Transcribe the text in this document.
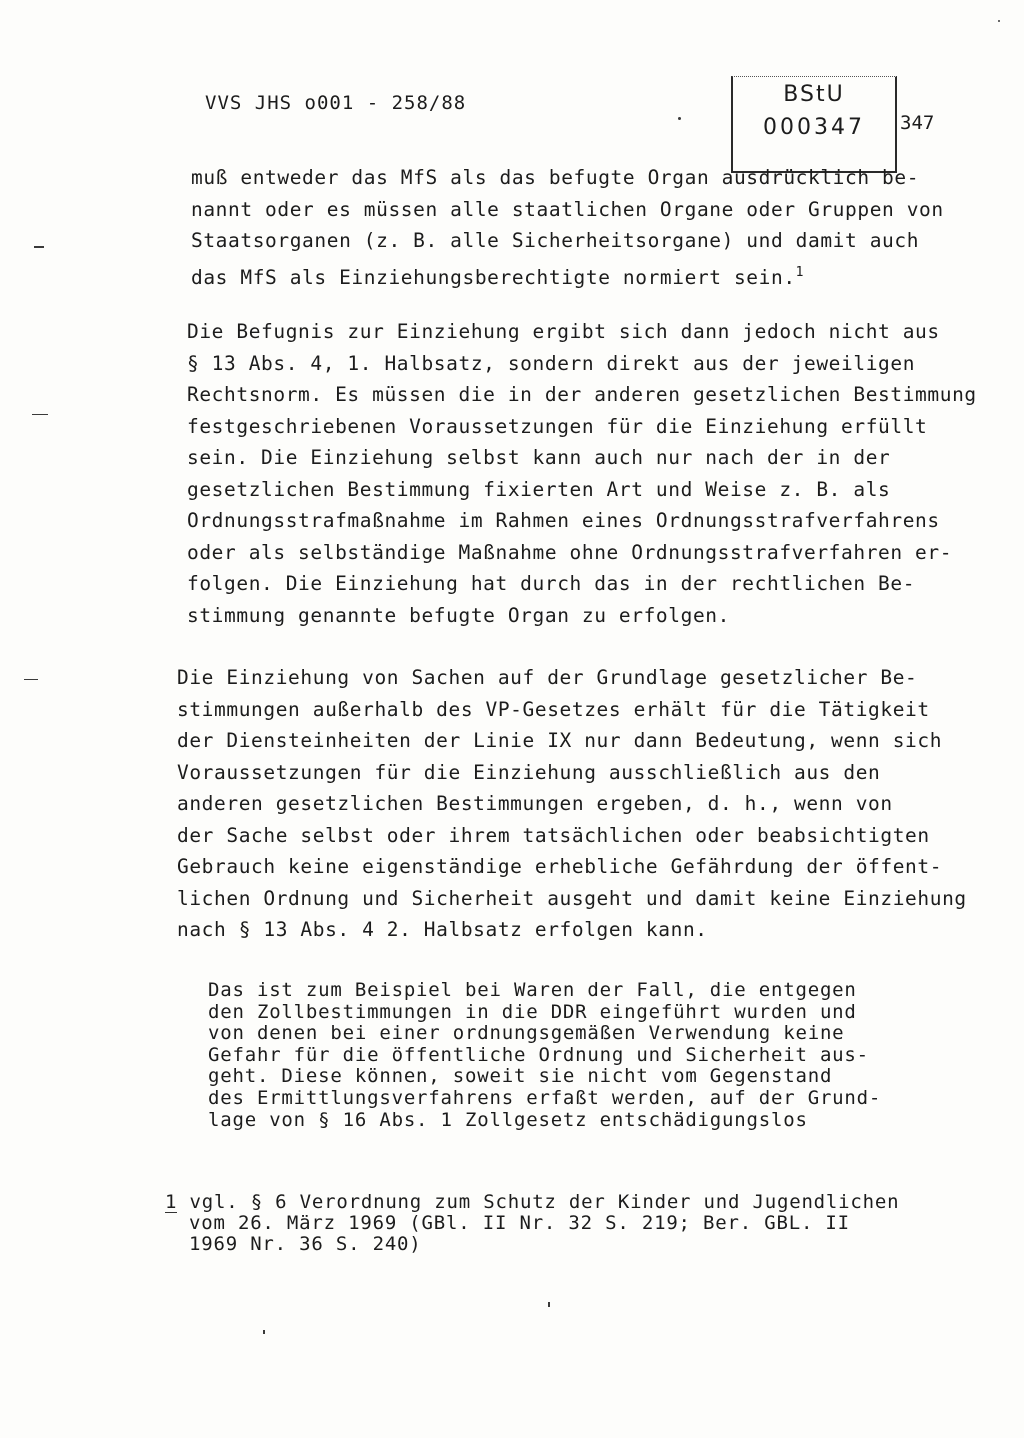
VVS JHS o001 - 258/88	BStU
000347	347

muß entweder das MfS als das befugte Organ ausdrücklich be-
nannt oder es müssen alle staatlichen Organe oder Gruppen von
Staatsorganen (z. B. alle Sicherheitsorgane) und damit auch
das MfS als Einziehungsberechtigte normiert sein.$^1$

Die Befugnis zur Einziehung ergibt sich dann jedoch nicht aus
§ 13 Abs. 4, 1. Halbsatz, sondern direkt aus der jeweiligen
Rechtsnorm. Es müssen die in der anderen gesetzlichen Bestimmung
festgeschriebenen Voraussetzungen für die Einziehung erfüllt
sein. Die Einziehung selbst kann auch nur nach der in der
gesetzlichen Bestimmung fixierten Art und Weise z. B. als
Ordnungsstrafmaßnahme im Rahmen eines Ordnungsstrafverfahrens
oder als selbständige Maßnahme ohne Ordnungsstrafverfahren er-
folgen. Die Einziehung hat durch das in der rechtlichen Be-
stimmung genannte befugte Organ zu erfolgen.

Die Einziehung von Sachen auf der Grundlage gesetzlicher Be-
stimmungen außerhalb des VP-Gesetzes erhält für die Tätigkeit
der Diensteinheiten der Linie IX nur dann Bedeutung, wenn sich
Voraussetzungen für die Einziehung ausschließlich aus den
anderen gesetzlichen Bestimmungen ergeben, d. h., wenn von
der Sache selbst oder ihrem tatsächlichen oder beabsichtigten
Gebrauch keine eigenständige erhebliche Gefährdung der öffent-
lichen Ordnung und Sicherheit ausgeht und damit keine Einziehung
nach § 13 Abs. 4 2. Halbsatz erfolgen kann.

Das ist zum Beispiel bei Waren der Fall, die entgegen
den Zollbestimmungen in die DDR eingeführt wurden und
von denen bei einer ordnungsgemäßen Verwendung keine
Gefahr für die öffentliche Ordnung und Sicherheit aus-
geht. Diese können, soweit sie nicht vom Gegenstand
des Ermittlungsverfahrens erfaßt werden, auf der Grund-
lage von § 16 Abs. 1 Zollgesetz entschädigungslos

1 vgl. § 6 Verordnung zum Schutz der Kinder und Jugendlichen
vom 26. März 1969 (GBl. II Nr. 32 S. 219; Ber. GBL. II
1969 Nr. 36 S. 240)
